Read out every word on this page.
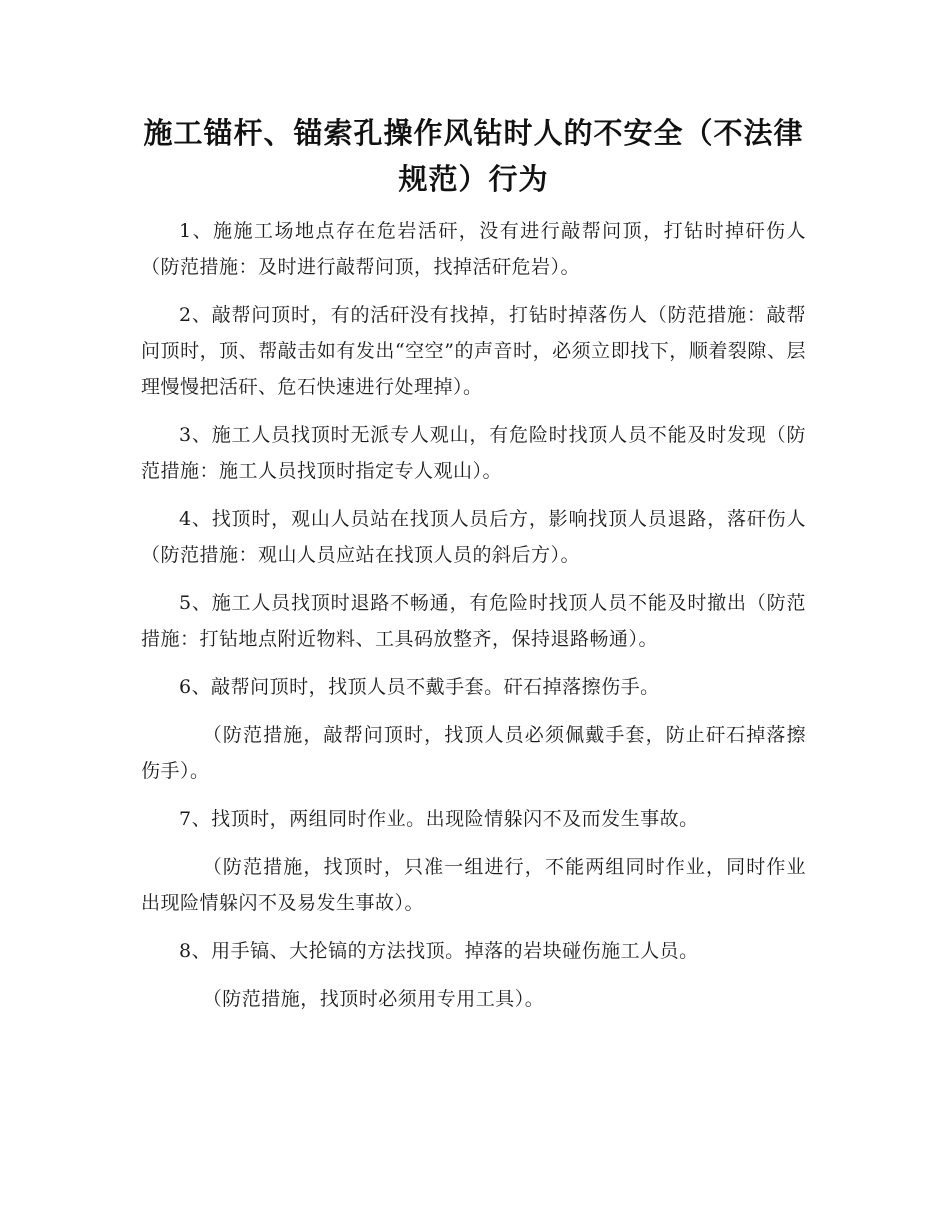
施工锚杆、锚索孔操作风钻时人的不安全（不法律规范）行为

1、施施工场地点存在危岩活矸，没有进行敲帮问顶，打钻时掉矸伤人（防范措施：及时进行敲帮问顶，找掉活矸危岩）。

2、敲帮问顶时，有的活矸没有找掉，打钻时掉落伤人（防范措施：敲帮问顶时，顶、帮敲击如有发出“空空”的声音时，必须立即找下，顺着裂隙、层理慢慢把活矸、危石快速进行处理掉）。

3、施工人员找顶时无派专人观山，有危险时找顶人员不能及时发现（防范措施：施工人员找顶时指定专人观山）。

4、找顶时，观山人员站在找顶人员后方，影响找顶人员退路，落矸伤人（防范措施：观山人员应站在找顶人员的斜后方）。

5、施工人员找顶时退路不畅通，有危险时找顶人员不能及时撤出（防范措施：打钻地点附近物料、工具码放整齐，保持退路畅通）。

6、敲帮问顶时，找顶人员不戴手套。矸石掉落擦伤手。

（防范措施，敲帮问顶时，找顶人员必须佩戴手套，防止矸石掉落擦伤手）。

7、找顶时，两组同时作业。出现险情躲闪不及而发生事故。

（防范措施，找顶时，只准一组进行，不能两组同时作业，同时作业出现险情躲闪不及易发生事故）。

8、用手镐、大抡镐的方法找顶。掉落的岩块碰伤施工人员。

（防范措施，找顶时必须用专用工具）。
